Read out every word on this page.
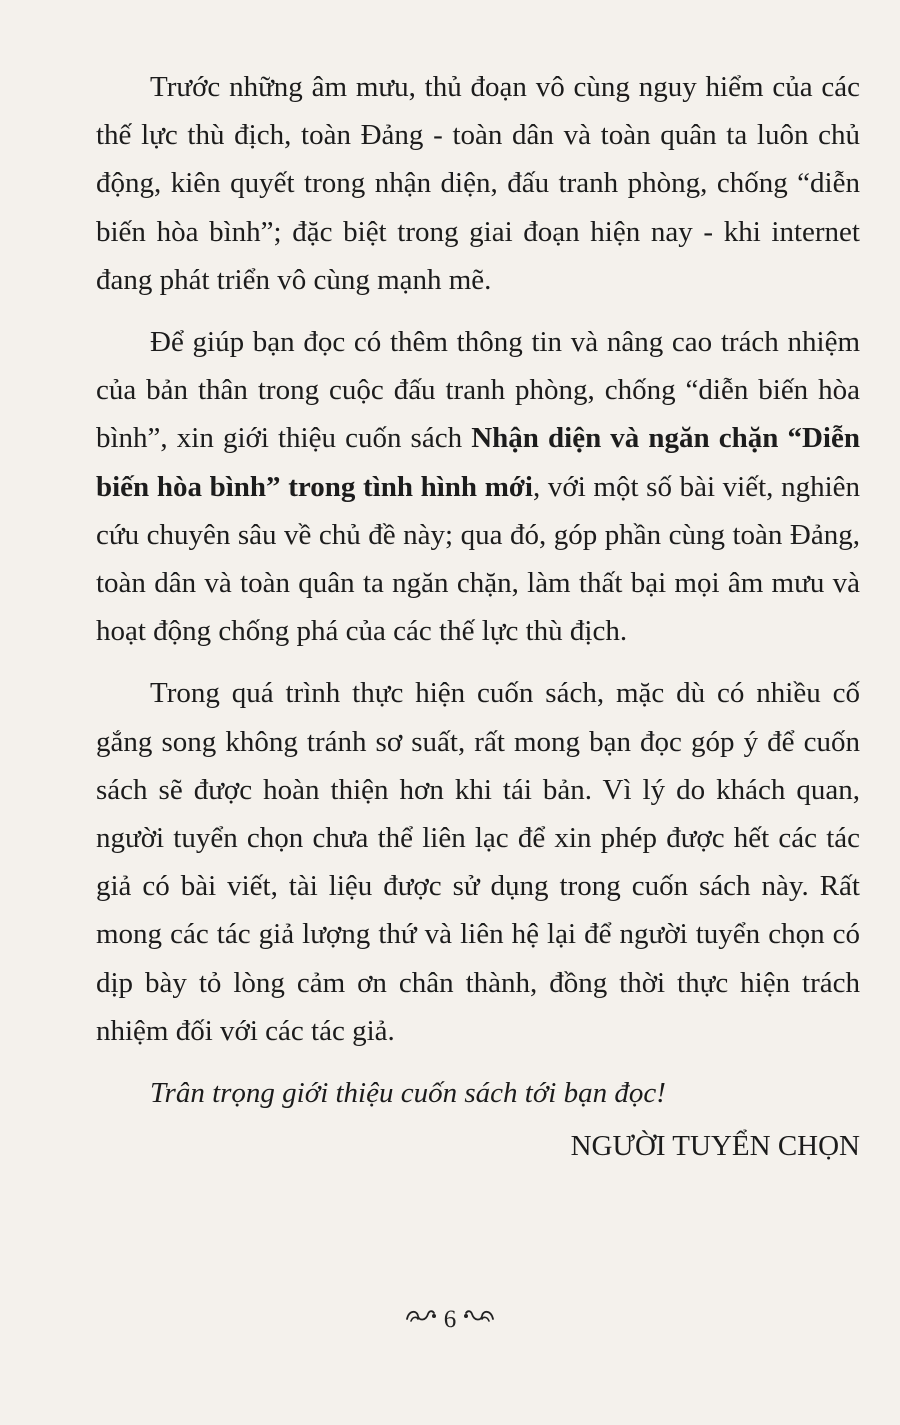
Trước những âm mưu, thủ đoạn vô cùng nguy hiểm của các thế lực thù địch, toàn Đảng - toàn dân và toàn quân ta luôn chủ động, kiên quyết trong nhận diện, đấu tranh phòng, chống “diễn biến hòa bình”; đặc biệt trong giai đoạn hiện nay - khi internet đang phát triển vô cùng mạnh mẽ.

Để giúp bạn đọc có thêm thông tin và nâng cao trách nhiệm của bản thân trong cuộc đấu tranh phòng, chống “diễn biến hòa bình”, xin giới thiệu cuốn sách Nhận diện và ngăn chặn “Diễn biến hòa bình” trong tình hình mới, với một số bài viết, nghiên cứu chuyên sâu về chủ đề này; qua đó, góp phần cùng toàn Đảng, toàn dân và toàn quân ta ngăn chặn, làm thất bại mọi âm mưu và hoạt động chống phá của các thế lực thù địch.

Trong quá trình thực hiện cuốn sách, mặc dù có nhiều cố gắng song không tránh sơ suất, rất mong bạn đọc góp ý để cuốn sách sẽ được hoàn thiện hơn khi tái bản. Vì lý do khách quan, người tuyển chọn chưa thể liên lạc để xin phép được hết các tác giả có bài viết, tài liệu được sử dụng trong cuốn sách này. Rất mong các tác giả lượng thứ và liên hệ lại để người tuyển chọn có dịp bày tỏ lòng cảm ơn chân thành, đồng thời thực hiện trách nhiệm đối với các tác giả.

Trân trọng giới thiệu cuốn sách tới bạn đọc!

NGƯỜI TUYỂN CHỌN

6
